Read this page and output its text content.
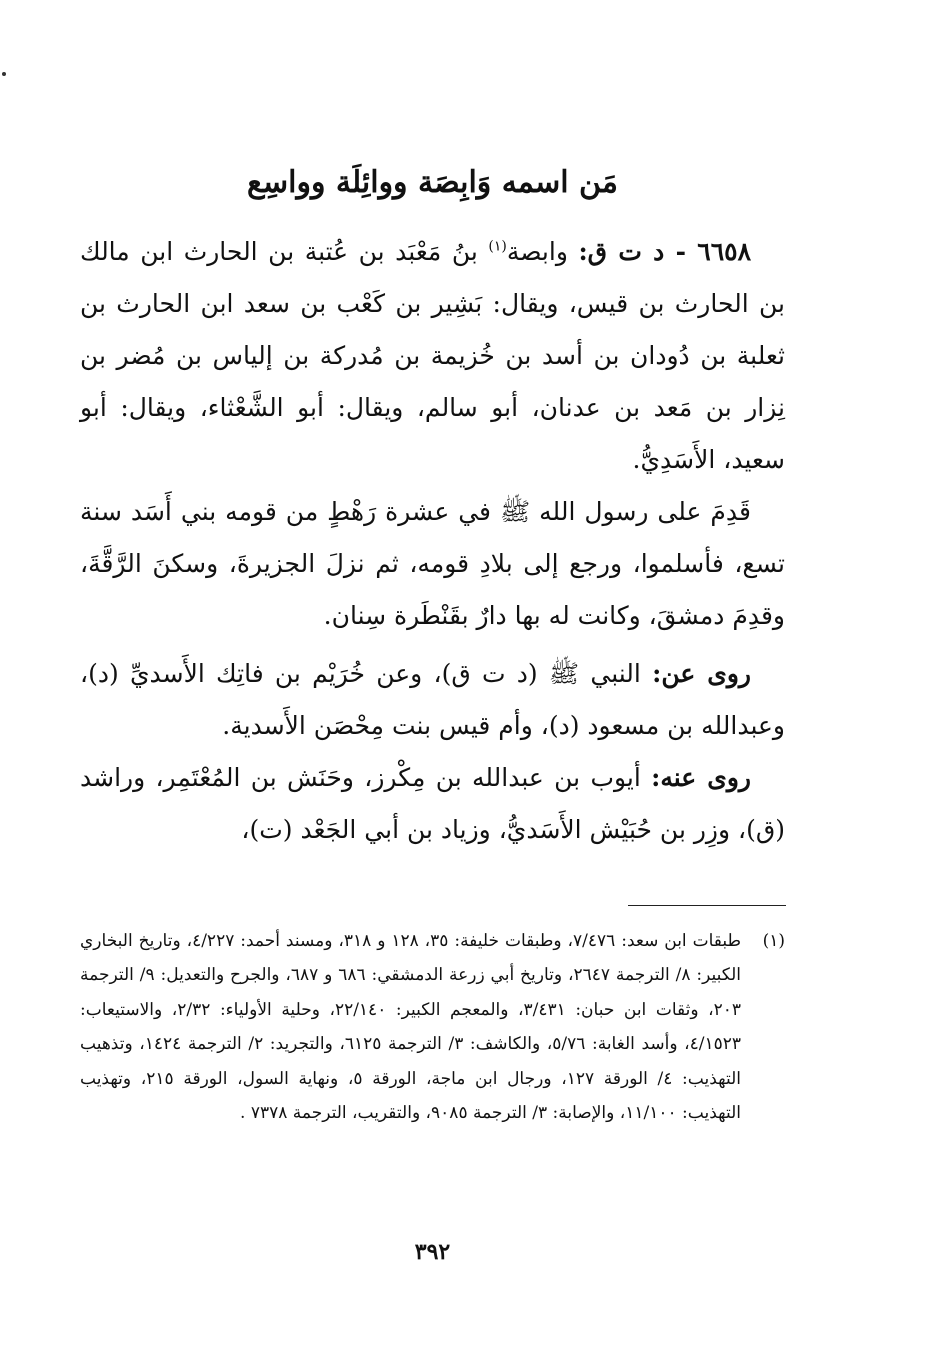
مَن اسمه وَابِصَة ووائِلَة وواسِع

٦٦٥٨ - د ت ق: وابصة$^{(١)}$ بنُ مَعْبَد بن عُتبة بن الحارث ابن مالك بن الحارث بن قيس، ويقال: بَشِير بن كَعْب بن سعد ابن الحارث بن ثعلبة بن دُودان بن أسد بن خُزيمة بن مُدركة بن إلياس بن مُضر بن نِزار بن مَعد بن عدنان، أبو سالم، ويقال: أبو الشَّعْثاء، ويقال: أبو سعيد، الأَسَدِيُّ.

قَدِمَ على رسول الله ﷺ في عشرة رَهْطٍ من قومه بني أَسَد سنة تسع، فأسلموا، ورجع إلى بلادِ قومه، ثم نزلَ الجزيرةَ، وسكنَ الرَّقَّةَ، وقدِمَ دمشقَ، وكانت له بها دارٌ بقَنْطَرة سِنان.

روى عن: النبي ﷺ (د ت ق)، وعن خُرَيْم بن فاتِك الأَسديِّ (د)، وعبدالله بن مسعود (د)، وأم قيس بنت مِحْصَن الأَسدية.

روى عنه: أيوب بن عبدالله بن مِكْرز، وحَنَش بن المُعْتَمِر، وراشد (ق)، وزِر بن حُبَيْش الأَسَديُّ، وزياد بن أبي الجَعْد (ت)،

(١)
طبقات ابن سعد: ٧/٤٧٦، وطبقات خليفة: ٣٥، ١٢٨ و ٣١٨، ومسند أحمد: ٤/٢٢٧، وتاريخ البخاري الكبير: ٨/ الترجمة ٢٦٤٧، وتاريخ أبي زرعة الدمشقي: ٦٨٦ و ٦٨٧، والجرح والتعديل: ٩/ الترجمة ٢٠٣، وثقات ابن حبان: ٣/٤٣١، والمعجم الكبير: ٢٢/١٤٠، وحلية الأولياء: ٢/٣٢، والاستيعاب: ٤/١٥٢٣، وأسد الغابة: ٥/٧٦، والكاشف: ٣/ الترجمة ٦١٢٥، والتجريد: ٢/ الترجمة ١٤٢٤، وتذهيب التهذيب: ٤/ الورقة ١٢٧، ورجال ابن ماجة، الورقة ٥، ونهاية السول، الورقة ٢١٥، وتهذيب التهذيب: ١١/١٠٠، والإصابة: ٣/ الترجمة ٩٠٨٥، والتقريب، الترجمة ٧٣٧٨ .
٣٩٢
